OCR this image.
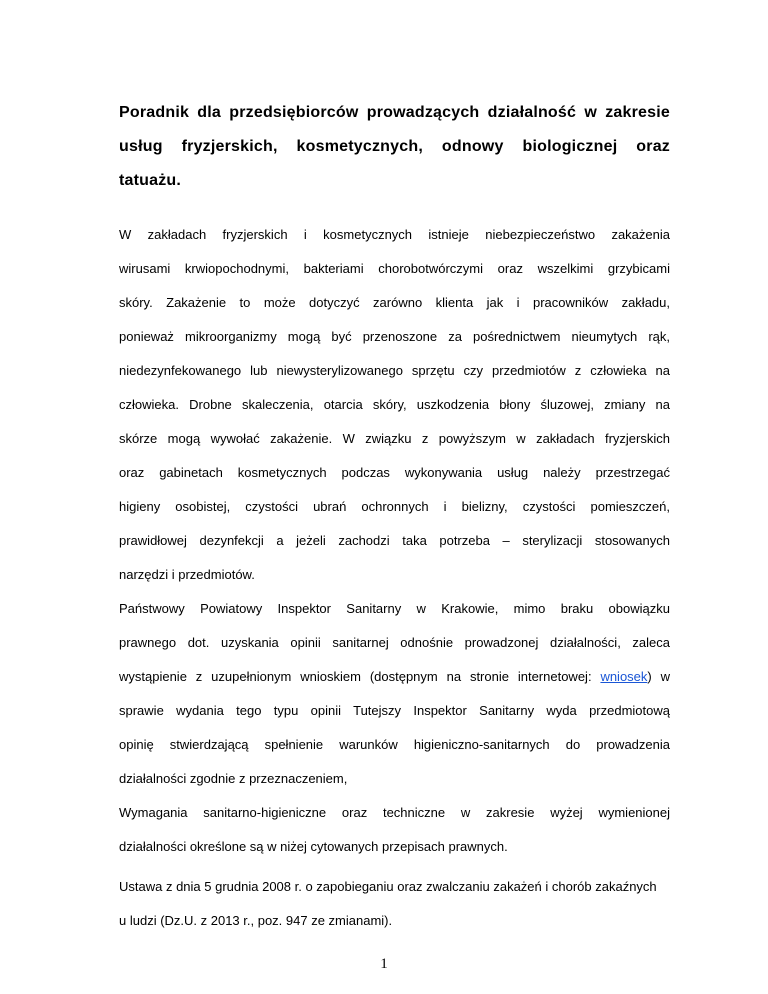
Poradnik dla przedsiębiorców prowadzących działalność w zakresie
usług fryzjerskich, kosmetycznych, odnowy biologicznej oraz
tatuażu.
W zakładach fryzjerskich i kosmetycznych istnieje niebezpieczeństwo zakażenia
wirusami krwiopochodnymi, bakteriami chorobotwórczymi oraz wszelkimi grzybicami
skóry. Zakażenie to może dotyczyć zarówno klienta jak i pracowników zakładu,
ponieważ mikroorganizmy mogą być przenoszone za pośrednictwem nieumytych rąk,
niedezynfekowanego lub niewysterylizowanego sprzętu czy przedmiotów z człowieka na
człowieka. Drobne skaleczenia, otarcia skóry, uszkodzenia błony śluzowej, zmiany na
skórze mogą wywołać zakażenie. W związku z powyższym w zakładach fryzjerskich
oraz gabinetach kosmetycznych podczas wykonywania usług należy przestrzegać
higieny osobistej, czystości ubrań ochronnych i bielizny, czystości pomieszczeń,
prawidłowej dezynfekcji a jeżeli zachodzi taka potrzeba – sterylizacji stosowanych
narzędzi i przedmiotów.
Państwowy Powiatowy Inspektor Sanitarny w Krakowie, mimo braku obowiązku
prawnego dot. uzyskania opinii sanitarnej odnośnie prowadzonej działalności, zaleca
wystąpienie z uzupełnionym wnioskiem (dostępnym na stronie internetowej: wniosek) w
sprawie wydania tego typu opinii Tutejszy Inspektor Sanitarny wyda przedmiotową
opinię stwierdzającą spełnienie warunków higieniczno-sanitarnych do prowadzenia
działalności zgodnie z przeznaczeniem,
Wymagania sanitarno-higieniczne oraz techniczne w zakresie wyżej wymienionej
działalności określone są w niżej cytowanych przepisach prawnych.
Ustawa z dnia 5 grudnia 2008 r. o zapobieganiu oraz zwalczaniu zakażeń i chorób zakaźnych
u ludzi (Dz.U. z 2013 r., poz. 947 ze zmianami).
1
